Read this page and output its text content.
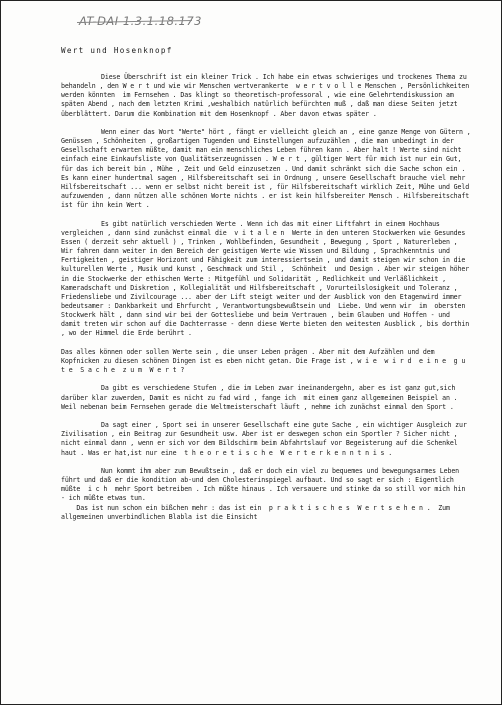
AT-DAI 1.3.1.18.173
Wert und Hosenknopf

Diese Überschrift ist ein kleiner Trick . Ich habe ein etwas schwieriges und trockenes Thema zu behandeln , den W e r t und wie wir Menschen wertverankerte  w e r t v o l l e Menschen , Persönlichkeiten werden könnten  im Fernsehen . Das klingt so theoretisch-professoral , wie eine Gelehrtendiskussion am späten Abend , nach dem letzten Krimi ,weshalbich natürlich befürchten muß , daß man diese Seiten jetzt überblättert. Darum die Kombination mit dem Hosenknopf . Aber davon etwas später .

Wenn einer das Wort "Werte" hört , fängt er vielleicht gleich an , eine ganze Menge von Gütern , Genüssen , Schönheiten , großartigen Tugenden und Einstellungen aufzuzählen , die man unbedingt in der Gesellschaft erwarten müßte, damit man ein menschliches Leben führen kann . Aber halt ! Werte sind nicht einfach eine Einkaufsliste von Qualitätserzeugnissen . W e r t , gültiger Wert für mich ist nur ein Gut, für das ich bereit bin , Mühe , Zeit und Geld einzusetzen . Und damit schränkt sich die Sache schon ein . Es kann einer hundertmal sagen , Hilfsbereitschaft sei in Ordnung , unsere Gesellschaft brauche viel mehr Hilfsbereitschaft ... wenn er selbst nicht bereit ist , für Hilfsbereitschaft wirklich Zeit, Mühe und Geld aufzuwenden , dann nützen alle schönen Worte nichts . er ist kein hilfsbereiter Mensch . Hilfsbereitschaft ist für ihn kein Wert .

Es gibt natürlich verschieden Werte . Wenn ich das mit einer Liftfahrt in einem Hochhaus vergleichen , dann sind zunächst einmal die  v i t a l e n  Werte in den unteren Stockwerken wie Gesundes Essen ( derzeit sehr aktuell ) , Trinken , Wohlbefinden, Gesundheit , Bewegung , Sport , Naturerleben , Wir fahren dann weiter in den Bereich der geistigen Werte wie Wissen und Bildung , Sprachkenntnis und Fertigkeiten , geistiger Horizont und Fähigkeit zum interessiertsein , und damit steigen wir schon in die kulturellen Werte , Musik und kunst , Geschmack und Stil ,  Schönheit  und Design . Aber wir steigen höher in die Stockwerke der ethischen Werte : Mitgefühl und Solidarität , Redlichkeit und Verläßlichkeit , Kameradschaft und Diskretion , Kollegialität und Hilfsbereitschaft , Vorurteilslosigkeit und Toleranz , Friedensliebe und Zivilcourage ... aber der Lift steigt weiter und der Ausblick von den Etagenwird immer bedeutsamer : Dankbarkeit und Ehrfurcht , Verantwortungsbewußtsein und  Liebe. Und wenn wir  im  obersten Stockwerk hält , dann sind wir bei der Gottesliebe und beim Vertrauen , beim Glauben und Hoffen - und damit treten wir schon auf die Dachterrasse - denn diese Werte bieten den weitesten Ausblick , bis dorthin , wo der Himmel die Erde berührt .

Das alles können oder sollen Werte sein , die unser Leben prägen . Aber mit dem Aufzählen und dem Kopfnicken zu diesen schönen Dingen ist es eben nicht getan. Die Frage ist , w i e  w i r d  e i n e  g u t e  S a c h e  z u m  W e r t ?

Da gibt es verschiedene Stufen , die im Leben zwar ineinandergehn, aber es ist ganz gut,sich darüber klar zuwerden, Damit es nicht zu fad wird , fange ich  mit einem ganz allgemeinen Beispiel an . Weil nebenan beim Fernsehen gerade die Weltmeisterschaft läuft , nehme ich zunächst einmal den Sport .

Da sagt einer , Sport sei in unserer Gesellschaft eine gute Sache , ein wichtiger Ausgleich zur Zivilisation , ein Beitrag zur Gesundheit usw. Aber ist er deswegen schon ein Sportler ? Sicher nicht , nicht einmal dann , wenn er sich vor dem Bildschirm beim Abfahrtslauf vor Begeisterung auf die Schenkel haut . Was er hat,ist nur eine  t h e o r e t i s c h e  W e r t e r k e n n t n i s .

Nun kommt ihm aber zum Bewußtsein , daß er doch ein viel zu bequemes und bewegungsarmes Leben führt und daß er die kondition ab-und den Cholesterinspiegel aufbaut. Und so sagt er sich : Eigentlich müßte  i c h  mehr Sport betreiben . Ich müßte hinaus . Ich versauere und stinke da so still vor mich hin - ich müßte etwas tun.
Das ist nun schon ein bißchen mehr : das ist ein  p r a k t i s c h e s  W e r t s e h e n .  Zum allgemeinen unverbindlichen Blabla ist die Einsicht
